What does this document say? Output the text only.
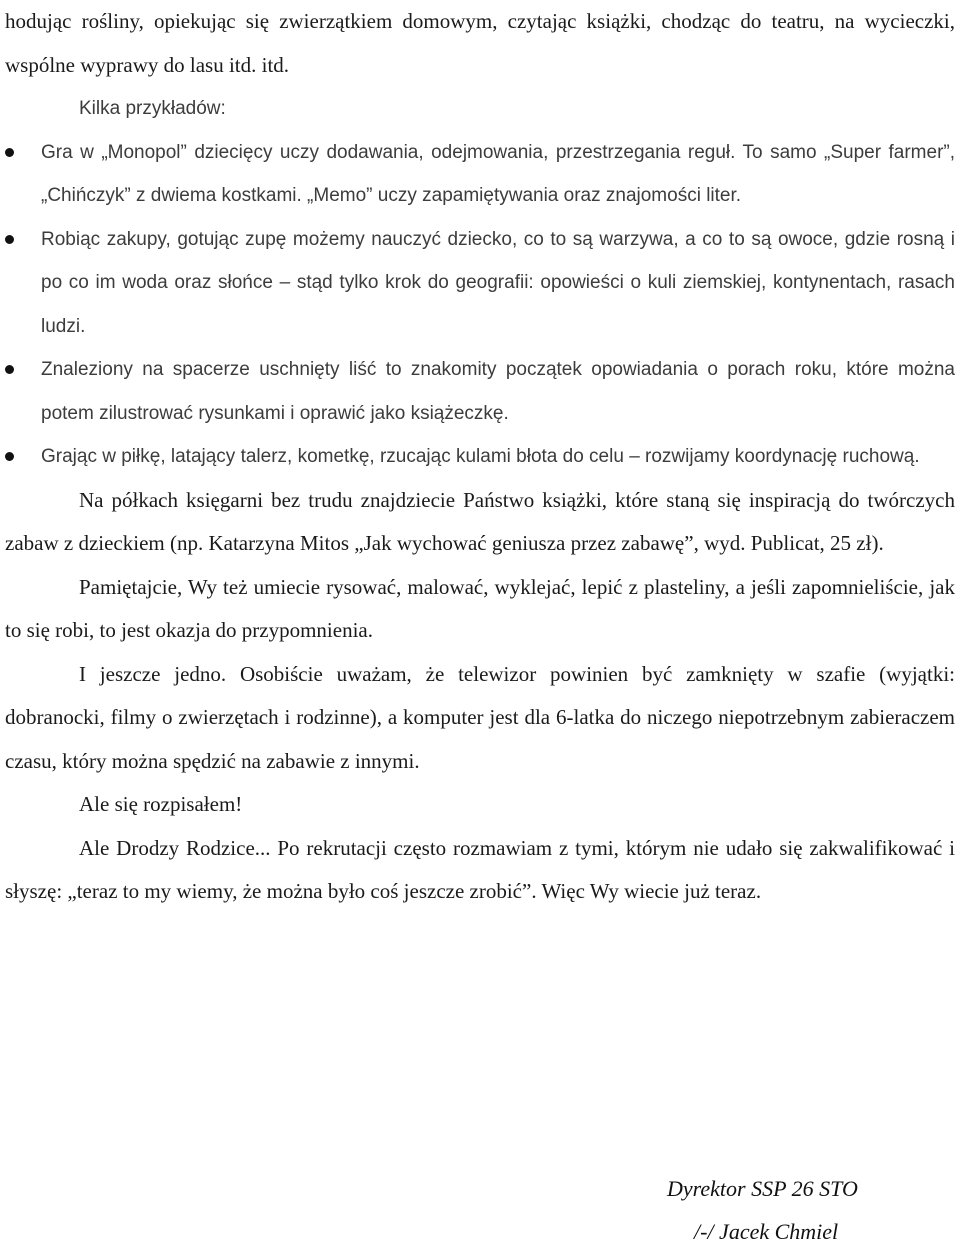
hodując rośliny, opiekując się zwierzątkiem domowym, czytając książki, chodząc do teatru, na wycieczki, wspólne wyprawy do lasu itd. itd.

Kilka przykładów:

Gra w „Monopol” dziecięcy uczy dodawania, odejmowania, przestrzegania reguł. To samo „Super farmer”, „Chińczyk” z dwiema kostkami. „Memo” uczy zapamiętywania oraz znajomości liter.
Robiąc zakupy, gotując zupę możemy nauczyć dziecko, co to są warzywa, a co to są owoce, gdzie rosną i po co im woda oraz słońce – stąd tylko krok do geografii: opowieści o kuli ziemskiej, kontynentach, rasach ludzi.
Znaleziony na spacerze uschnięty liść to znakomity początek opowiadania o porach roku, które można potem zilustrować rysunkami i oprawić jako książeczkę.
Grając w piłkę, latający talerz, kometkę, rzucając kulami błota do celu – rozwijamy koordynację ruchową.

Na półkach księgarni bez trudu znajdziecie Państwo książki, które staną się inspiracją do twórczych zabaw z dzieckiem (np. Katarzyna Mitos „Jak wychować geniusza przez zabawę”, wyd. Publicat, 25 zł).

Pamiętajcie, Wy też umiecie rysować, malować, wyklejać, lepić z plasteliny, a jeśli zapomnieliście, jak to się robi, to jest okazja do przypomnienia.

I jeszcze jedno. Osobiście uważam, że telewizor powinien być zamknięty w szafie (wyjątki: dobranocki, filmy o zwierzętach i rodzinne), a komputer jest dla 6-latka do niczego niepotrzebnym zabieraczem czasu, który można spędzić na zabawie z innymi.

Ale się rozpisałem!

Ale Drodzy Rodzice... Po rekrutacji często rozmawiam z tymi, którym nie udało się zakwalifikować i słyszę: „teraz to my wiemy, że można było coś jeszcze zrobić”. Więc Wy wiecie już teraz.

Dyrektor SSP 26 STO
/-/ Jacek Chmiel
